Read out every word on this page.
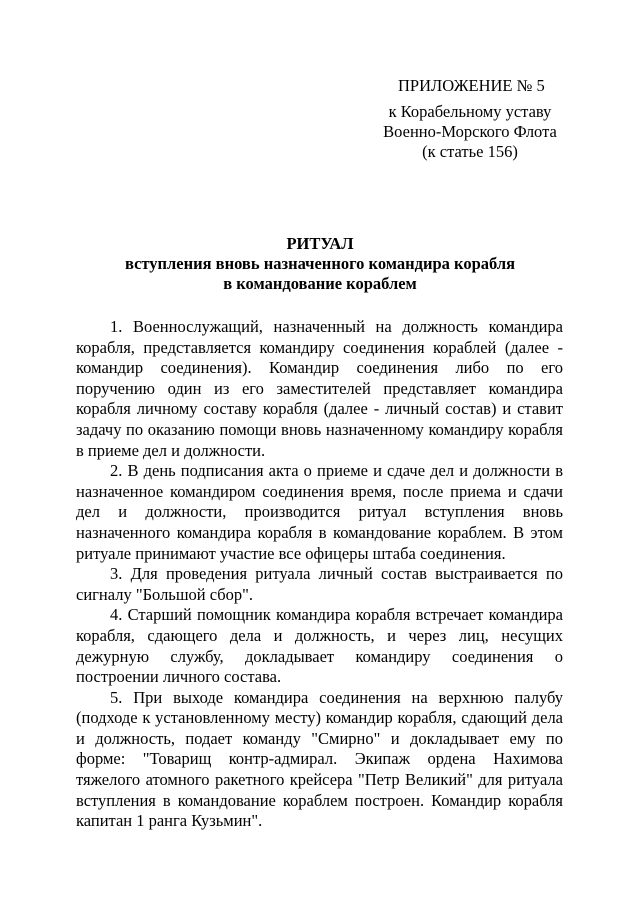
ПРИЛОЖЕНИЕ № 5
к Корабельному уставу
Военно-Морского Флота
(к статье 156)
РИТУАЛ
вступления вновь назначенного командира корабля
в командование кораблем

1. Военнослужащий, назначенный на должность командира корабля, представляется командиру соединения кораблей (далее - командир соединения). Командир соединения либо по его поручению один из его заместителей представляет командира корабля личному составу корабля (далее - личный состав) и ставит задачу по оказанию помощи вновь назначенному командиру корабля в приеме дел и должности.

2. В день подписания акта о приеме и сдаче дел и должности в назначенное командиром соединения время, после приема и сдачи дел и должности, производится ритуал вступления вновь назначенного командира корабля в командование кораблем. В этом ритуале принимают участие все офицеры штаба соединения.

3. Для проведения ритуала личный состав выстраивается по сигналу "Большой сбор".

4. Старший помощник командира корабля встречает командира корабля, сдающего дела и должность, и через лиц, несущих дежурную службу, докладывает командиру соединения о построении личного состава.

5. При выходе командира соединения на верхнюю палубу (подходе к установленному месту) командир корабля, сдающий дела и должность, подает команду "Смирно" и докладывает ему по форме: "Товарищ контр-адмирал. Экипаж ордена Нахимова тяжелого атомного ракетного крейсера "Петр Великий" для ритуала вступления в командование кораблем построен. Командир корабля капитан 1 ранга Кузьмин".
